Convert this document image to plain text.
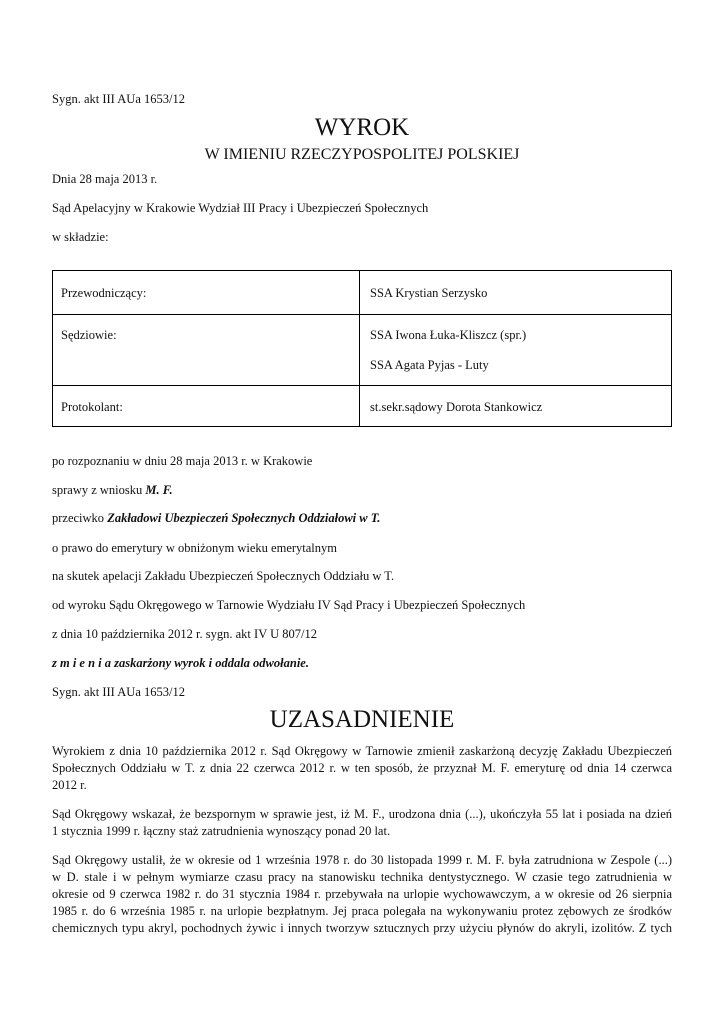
Sygn. akt III AUa 1653/12
WYROK
W IMIENIU RZECZYPOSPOLITEJ POLSKIEJ
Dnia 28 maja 2013 r.
Sąd Apelacyjny w Krakowie Wydział III Pracy i Ubezpieczeń Społecznych
w składzie:
Przewodniczący:	SSA Krystian Serzysko
Sędziowie:	SSA Iwona Łuka-Kliszcz (spr.)
SSA Agata Pyjas - Luty
Protokolant:	st.sekr.sądowy Dorota Stankowicz
po rozpoznaniu w dniu 28 maja 2013 r. w Krakowie
sprawy z wniosku M. F.
przeciwko Zakładowi Ubezpieczeń Społecznych Oddziałowi w T.
o prawo do emerytury w obniżonym wieku emerytalnym
na skutek apelacji Zakładu Ubezpieczeń Społecznych Oddziału w T.
od wyroku Sądu Okręgowego w Tarnowie Wydziału IV Sąd Pracy i Ubezpieczeń Społecznych
z dnia 10 października 2012 r. sygn. akt IV U 807/12
z m i e n i a zaskarżony wyrok i oddala odwołanie.
Sygn. akt III AUa 1653/12
UZASADNIENIE
Wyrokiem z dnia 10 października 2012 r. Sąd Okręgowy w Tarnowie zmienił zaskarżoną decyzję Zakładu Ubezpieczeń
Społecznych Oddziału w T. z dnia 22 czerwca 2012 r. w ten sposób, że przyznał M. F. emeryturę od dnia 14 czerwca
2012 r.
Sąd Okręgowy wskazał, że bezspornym w sprawie jest, iż M. F., urodzona dnia (...), ukończyła 55 lat i posiada na dzień
1 stycznia 1999 r. łączny staż zatrudnienia wynoszący ponad 20 lat.
Sąd Okręgowy ustalił, że w okresie od 1 września 1978 r. do 30 listopada 1999 r. M. F. była zatrudniona w Zespole (...)
w D. stale i w pełnym wymiarze czasu pracy na stanowisku technika dentystycznego. W czasie tego zatrudnienia w
okresie od 9 czerwca 1982 r. do 31 stycznia 1984 r. przebywała na urlopie wychowawczym, a w okresie od 26 sierpnia
1985 r. do 6 września 1985 r. na urlopie bezpłatnym. Jej praca polegała na wykonywaniu protez zębowych ze środków
chemicznych typu akryl, pochodnych żywic i innych tworzyw sztucznych przy użyciu płynów do akryli, izolitów. Z tych
